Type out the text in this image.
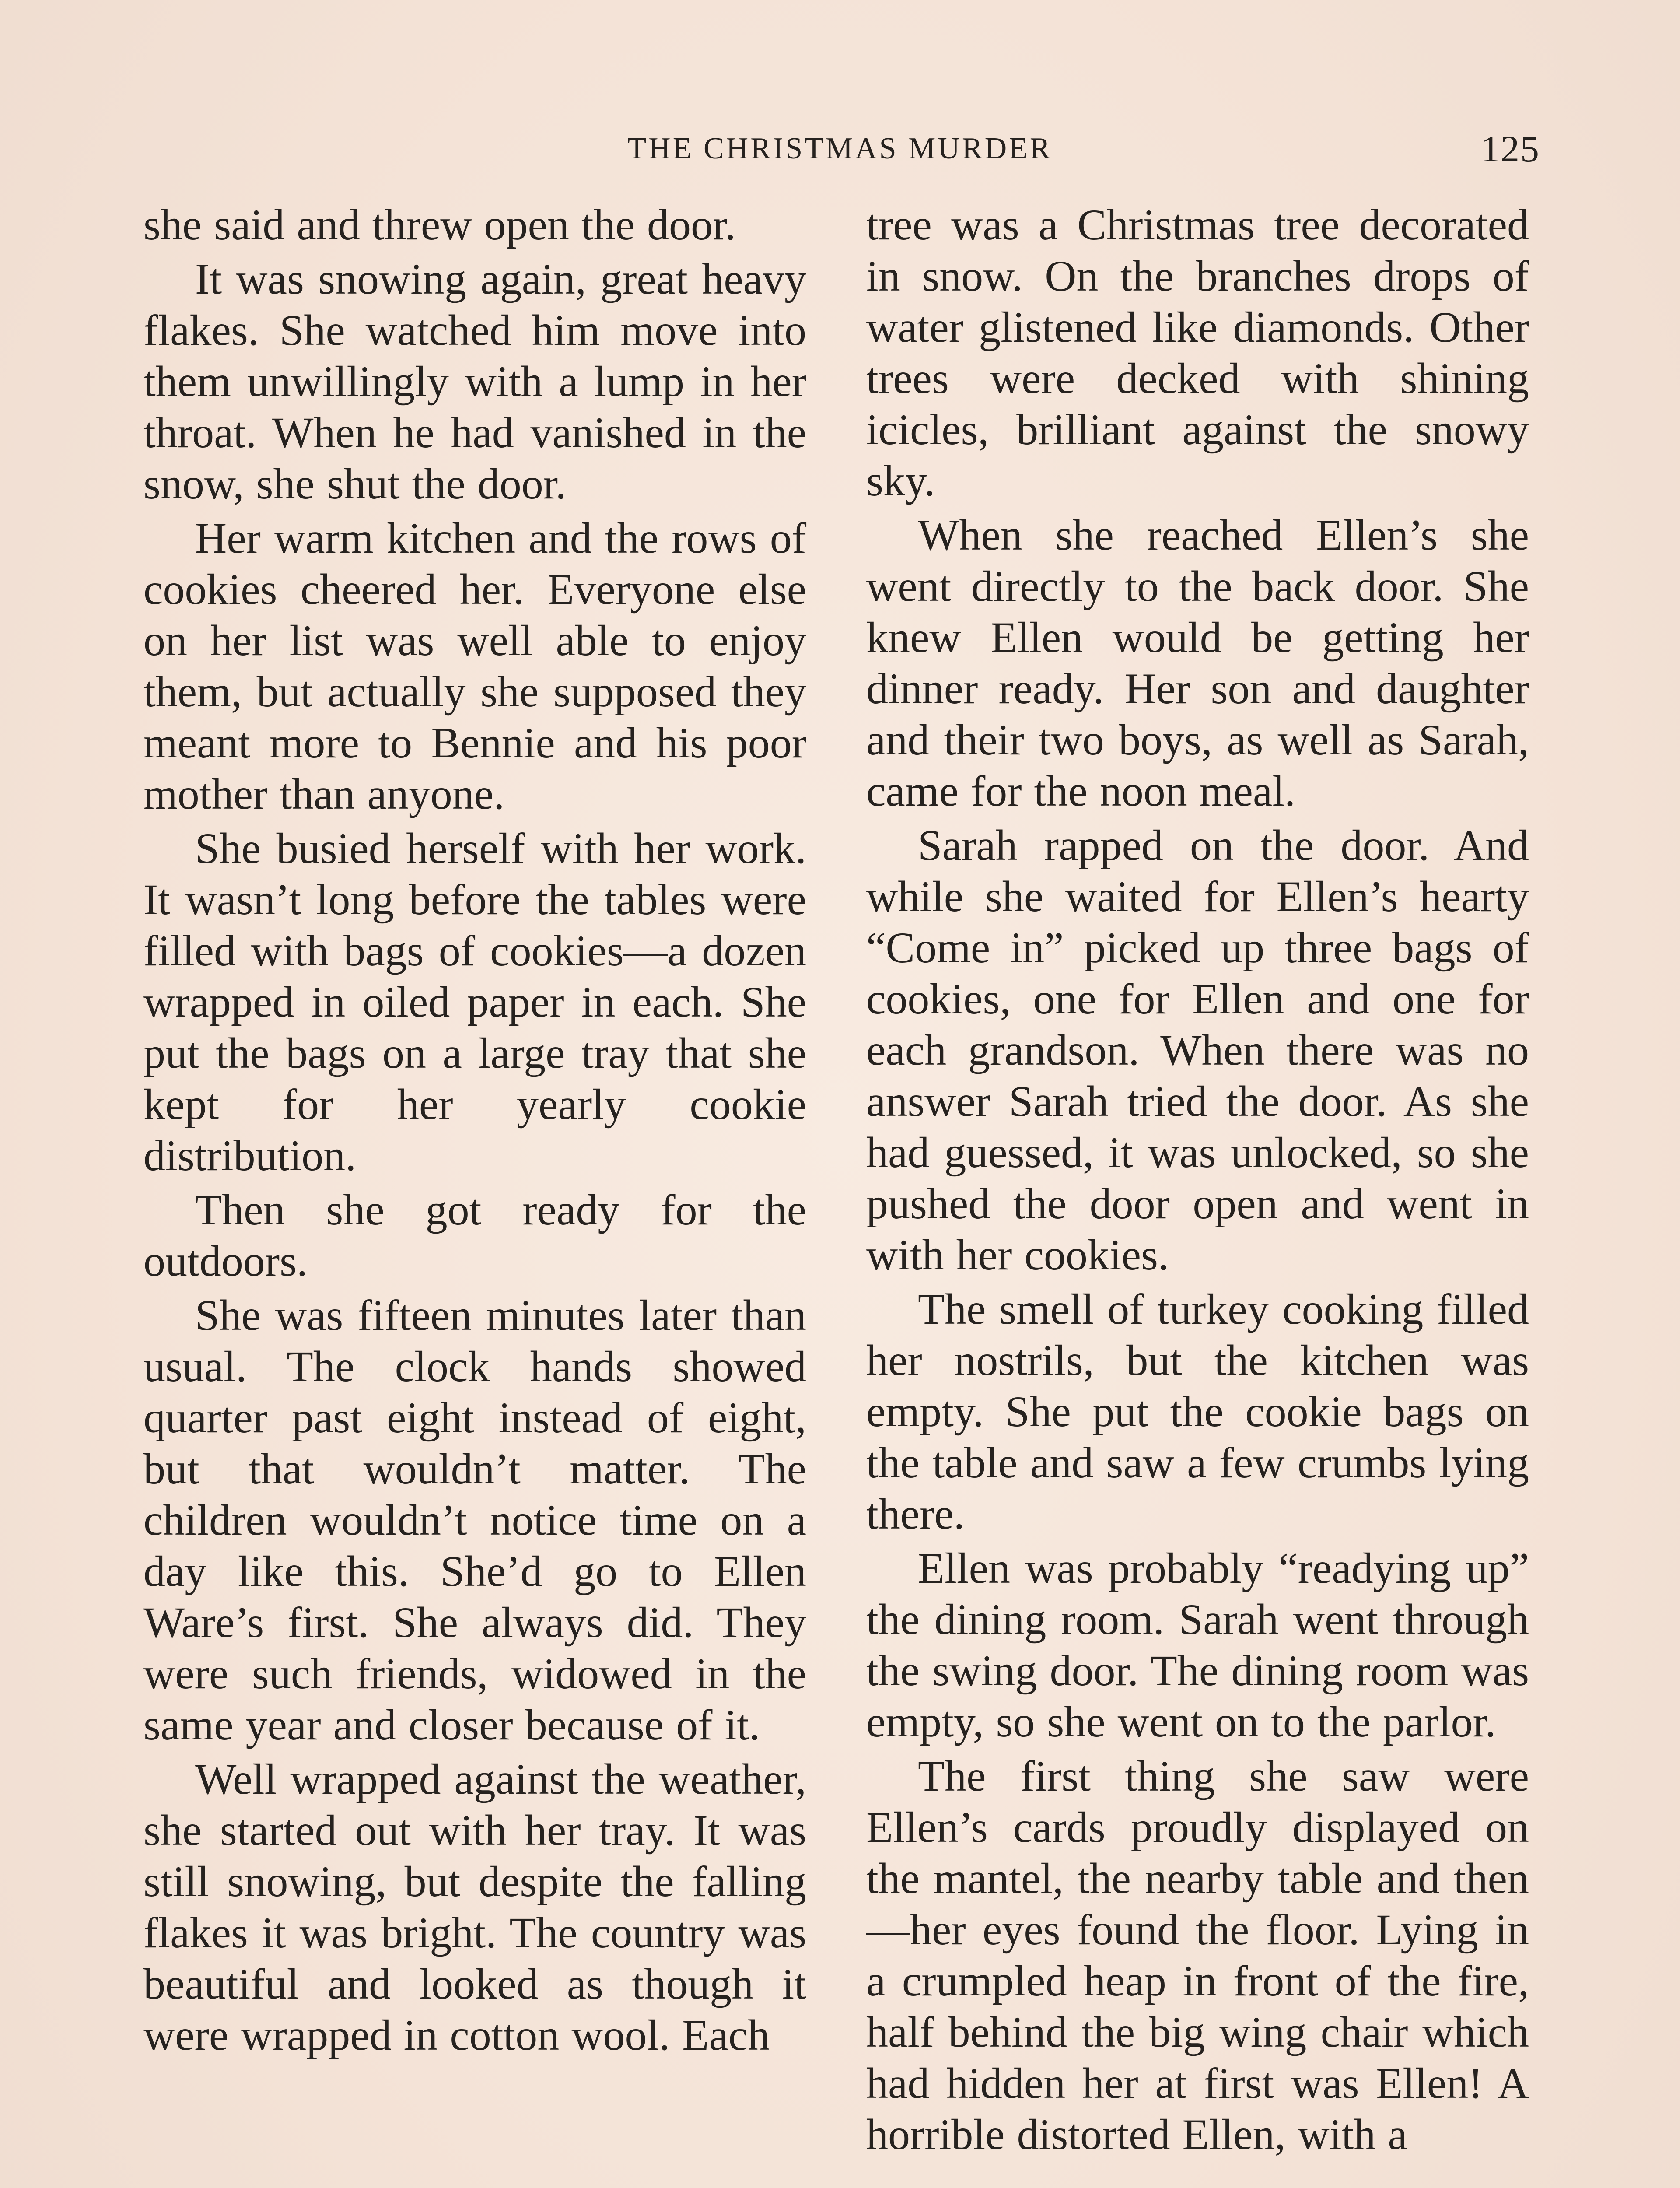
THE CHRISTMAS MURDER	125

she said and threw open the door.

It was snowing again, great heavy flakes. She watched him move into them unwillingly with a lump in her throat. When he had vanished in the snow, she shut the door.

Her warm kitchen and the rows of cookies cheered her. Everyone else on her list was well able to enjoy them, but actually she supposed they meant more to Bennie and his poor mother than anyone.

She busied herself with her work. It wasn’t long before the tables were filled with bags of cookies—a dozen wrapped in oiled paper in each. She put the bags on a large tray that she kept for her yearly cookie distribution.

Then she got ready for the outdoors.

She was fifteen minutes later than usual. The clock hands showed quarter past eight instead of eight, but that wouldn’t matter. The children wouldn’t notice time on a day like this. She’d go to Ellen Ware’s first. She always did. They were such friends, widowed in the same year and closer because of it.

Well wrapped against the weather, she started out with her tray. It was still snowing, but despite the falling flakes it was bright. The country was beautiful and looked as though it were wrapped in cotton wool. Each

tree was a Christmas tree decorated in snow. On the branches drops of water glistened like diamonds. Other trees were decked with shining icicles, brilliant against the snowy sky.

When she reached Ellen’s she went directly to the back door. She knew Ellen would be getting her dinner ready. Her son and daughter and their two boys, as well as Sarah, came for the noon meal.

Sarah rapped on the door. And while she waited for Ellen’s hearty “Come in” picked up three bags of cookies, one for Ellen and one for each grandson. When there was no answer Sarah tried the door. As she had guessed, it was unlocked, so she pushed the door open and went in with her cookies.

The smell of turkey cooking filled her nostrils, but the kitchen was empty. She put the cookie bags on the table and saw a few crumbs lying there.

Ellen was probably “readying up” the dining room. Sarah went through the swing door. The dining room was empty, so she went on to the parlor.

The first thing she saw were Ellen’s cards proudly displayed on the mantel, the nearby table and then—her eyes found the floor. Lying in a crumpled heap in front of the fire, half behind the big wing chair which had hidden her at first was Ellen! A horrible distorted Ellen, with a
